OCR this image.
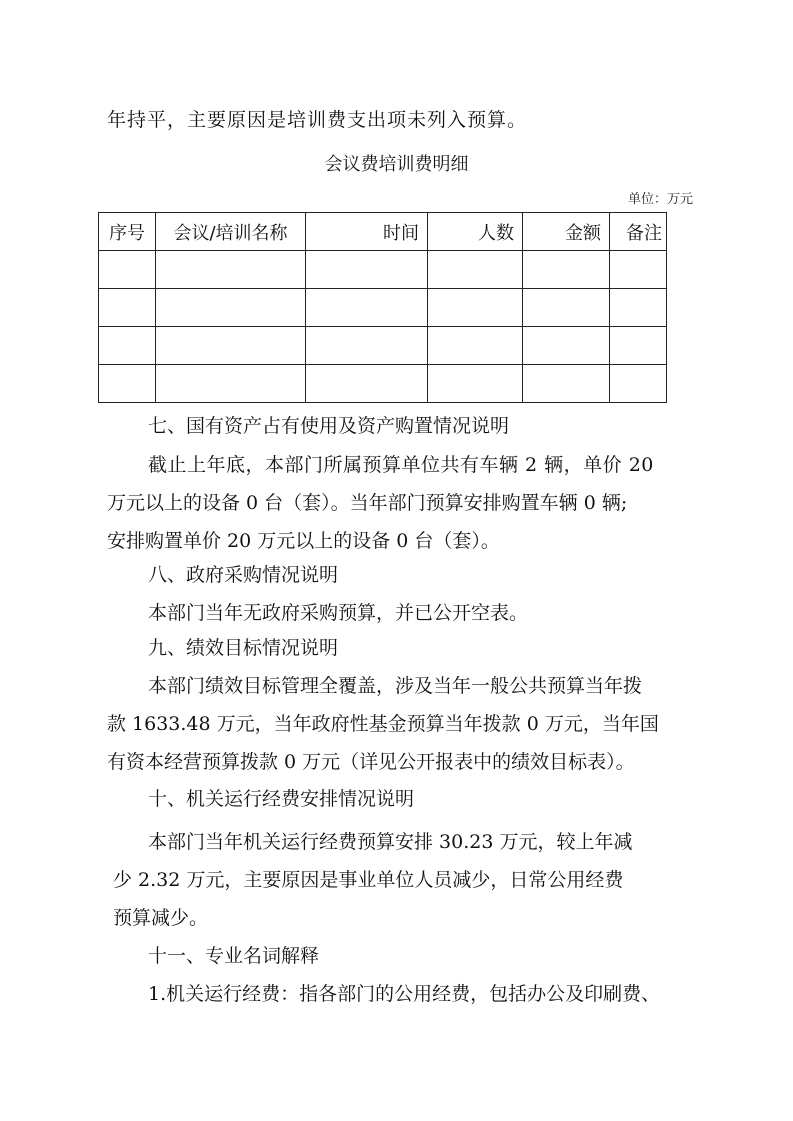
年持平，主要原因是培训费支出项未列入预算。
会议费培训费明细
单位：万元
序号	会议/培训名称	时间	人数	金额	备注

七、国有资产占有使用及资产购置情况说明
截止上年底，本部门所属预算单位共有车辆 2 辆，单价 20
万元以上的设备 0 台（套）。当年部门预算安排购置车辆 0 辆;
安排购置单价 20 万元以上的设备 0 台（套）。
八、政府采购情况说明
本部门当年无政府采购预算，并已公开空表。
九、绩效目标情况说明
本部门绩效目标管理全覆盖，涉及当年一般公共预算当年拨
款 1633.48 万元，当年政府性基金预算当年拨款 0 万元，当年国
有资本经营预算拨款 0 万元（详见公开报表中的绩效目标表）。
十、机关运行经费安排情况说明
本部门当年机关运行经费预算安排 30.23 万元，较上年减
少 2.32 万元，主要原因是事业单位人员减少，日常公用经费
预算减少。
十一、专业名词解释
1.机关运行经费：指各部门的公用经费，包括办公及印刷费、
